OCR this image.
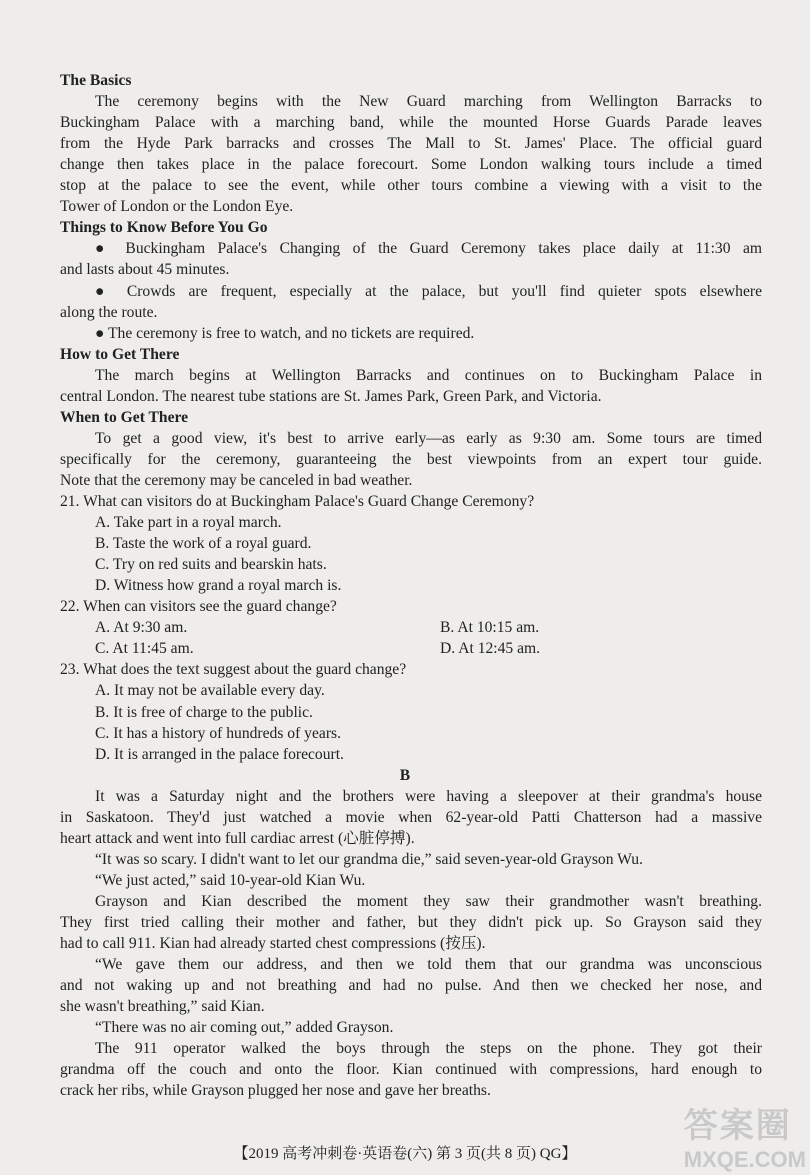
The Basics
The ceremony begins with the New Guard marching from Wellington Barracks to
Buckingham Palace with a marching band, while the mounted Horse Guards Parade leaves
from the Hyde Park barracks and crosses The Mall to St. James' Place. The official guard
change then takes place in the palace forecourt. Some London walking tours include a timed
stop at the palace to see the event, while other tours combine a viewing with a visit to the
Tower of London or the London Eye.
Things to Know Before You Go
● Buckingham Palace's Changing of the Guard Ceremony takes place daily at 11:30 am
and lasts about 45 minutes.
● Crowds are frequent, especially at the palace, but you'll find quieter spots elsewhere
along the route.
● The ceremony is free to watch, and no tickets are required.
How to Get There
The march begins at Wellington Barracks and continues on to Buckingham Palace in
central London. The nearest tube stations are St. James Park, Green Park, and Victoria.
When to Get There
To get a good view, it's best to arrive early—as early as 9:30 am. Some tours are timed
specifically for the ceremony, guaranteeing the best viewpoints from an expert tour guide.
Note that the ceremony may be canceled in bad weather.
21. What can visitors do at Buckingham Palace's Guard Change Ceremony?
A. Take part in a royal march.
B. Taste the work of a royal guard.
C. Try on red suits and bearskin hats.
D. Witness how grand a royal march is.
22. When can visitors see the guard change?
A. At 9:30 am.	B. At 10:15 am.
C. At 11:45 am.	D. At 12:45 am.
23. What does the text suggest about the guard change?
A. It may not be available every day.
B. It is free of charge to the public.
C. It has a history of hundreds of years.
D. It is arranged in the palace forecourt.
B
It was a Saturday night and the brothers were having a sleepover at their grandma's house
in Saskatoon. They'd just watched a movie when 62-year-old Patti Chatterson had a massive
heart attack and went into full cardiac arrest (心脏停搏).
“It was so scary. I didn't want to let our grandma die,” said seven-year-old Grayson Wu.
“We just acted,” said 10-year-old Kian Wu.
Grayson and Kian described the moment they saw their grandmother wasn't breathing.
They first tried calling their mother and father, but they didn't pick up. So Grayson said they
had to call 911. Kian had already started chest compressions (按压).
“We gave them our address, and then we told them that our grandma was unconscious
and not waking up and not breathing and had no pulse. And then we checked her nose, and
she wasn't breathing,” said Kian.
“There was no air coming out,” added Grayson.
The 911 operator walked the boys through the steps on the phone. They got their
grandma off the couch and onto the floor. Kian continued with compressions, hard enough to
crack her ribs, while Grayson plugged her nose and gave her breaths.
【2019 高考冲刺卷·英语卷(六) 第 3 页(共 8 页) QG】
答案圈
MXQE.COM
